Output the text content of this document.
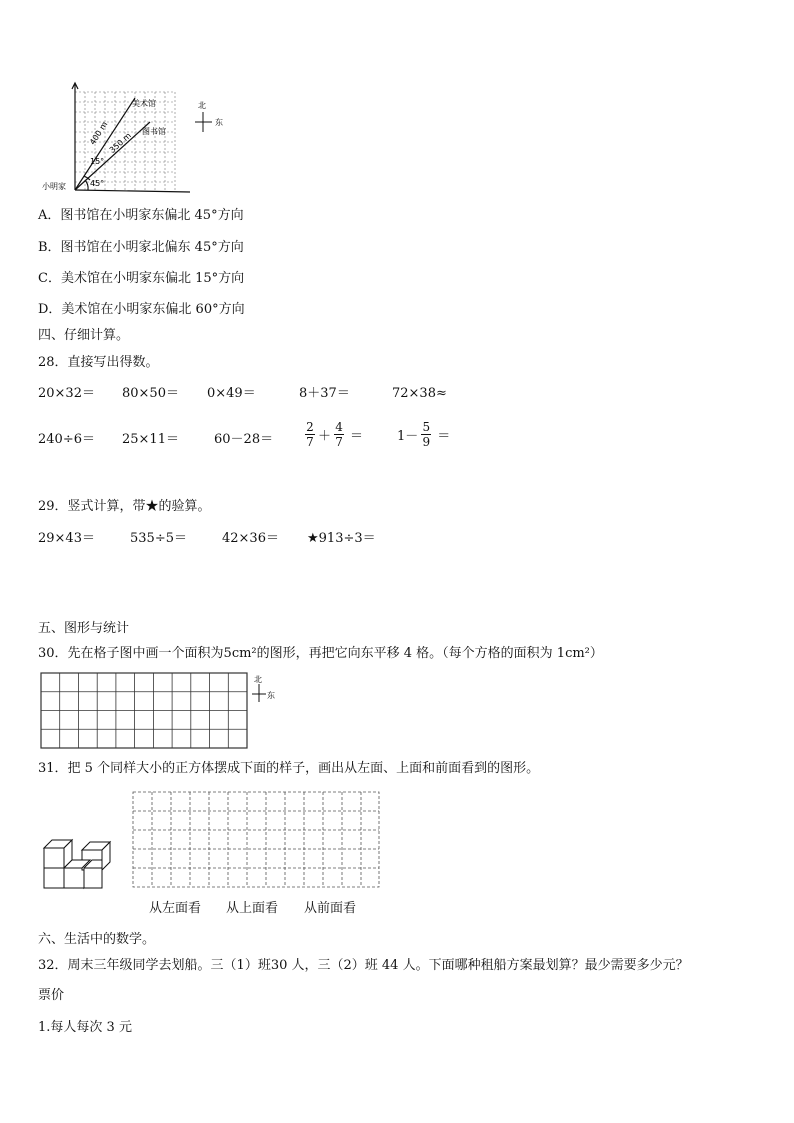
美术馆
图书馆
小明家
400 m
350 m
15°
45°
北
东
A．图书馆在小明家东偏北 45°方向
B．图书馆在小明家北偏东 45°方向
C．美术馆在小明家东偏北 15°方向
D．美术馆在小明家东偏北 60°方向
四、仔细计算。
28．直接写出得数。
20×32＝ 80×50＝ 0×49＝	8＋37＝	72×38≈
240÷6＝ 25×11＝	60－28＝	$\frac{2}{7} + \frac{4}{7}$ ＝	$1- \frac{5}{9}$ ＝
29．竖式计算，带★的验算。
29×43＝	535÷5＝	42×36＝ ★913÷3＝
五、图形与统计
30．先在格子图中画一个面积为5cm²的图形，再把它向东平移 4 格。（每个方格的面积为 1cm²）
北
东
31．把 5 个同样大小的正方体摆成下面的样子，画出从左面、上面和前面看到的图形。
从左面看 从上面看 从前面看
六、生活中的数学。
32．周末三年级同学去划船。三（1）班30 人，三（2）班 44 人。下面哪种租船方案最划算？最少需要多少元？
票价
1.每人每次 3 元
